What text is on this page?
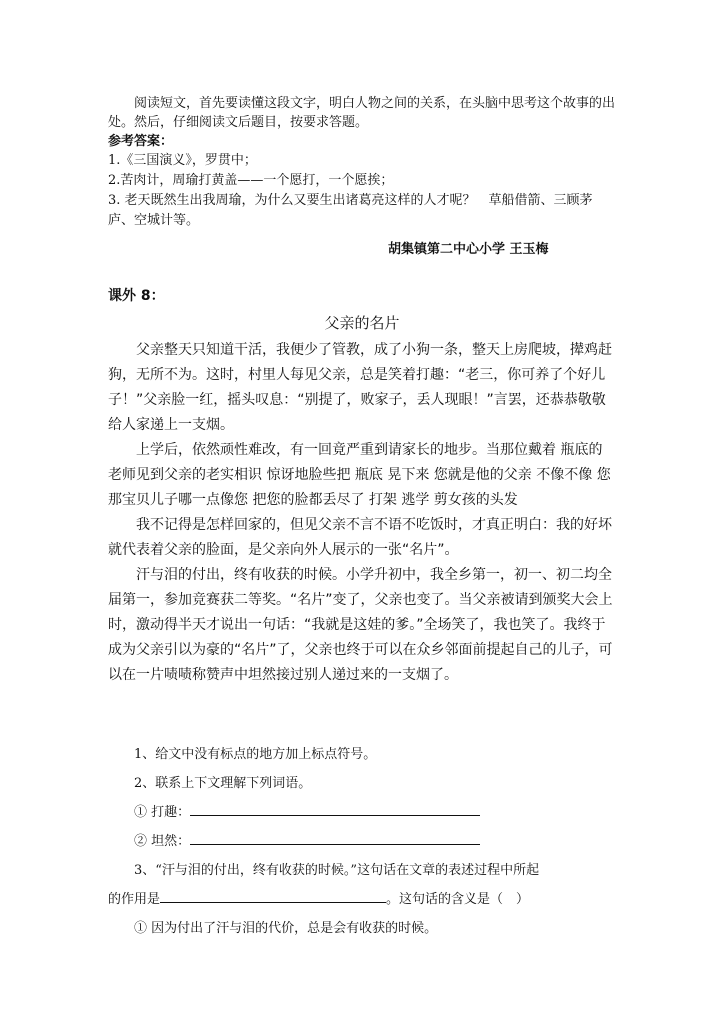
阅读短文，首先要读懂这段文字，明白人物之间的关系，在头脑中思考这个故事的出处。然后，仔细阅读文后题目，按要求答题。
参考答案：
1.《三国演义》，罗贯中；
2.苦肉计，周瑜打黄盖——一个愿打，一个愿挨；
3. 老天既然生出我周瑜，为什么又要生出诸葛亮这样的人才呢？　草船借箭、三顾茅庐、空城计等。
胡集镇第二中心小学 王玉梅
课外 8：
父亲的名片

父亲整天只知道干活，我便少了管教，成了小狗一条，整天上房爬坡，撵鸡赶狗，无所不为。这时，村里人每见父亲，总是笑着打趣：“老三，你可养了个好儿子！”父亲脸一红，摇头叹息：“别提了，败家子，丢人现眼！”言罢，还恭恭敬敬给人家递上一支烟。

上学后，依然顽性难改，有一回竟严重到请家长的地步。当那位戴着 瓶底的老师见到父亲的老实相识 惊讶地脸些把 瓶底 晃下来 您就是他的父亲 不像不像 您那宝贝儿子哪一点像您 把您的脸都丢尽了 打架 逃学 剪女孩的头发

我不记得是怎样回家的，但见父亲不言不语不吃饭时，才真正明白：我的好坏就代表着父亲的脸面，是父亲向外人展示的一张“名片”。

汗与泪的付出，终有收获的时候。小学升初中，我全乡第一，初一、初二均全届第一，参加竞赛获二等奖。“名片”变了，父亲也变了。当父亲被请到颁奖大会上时，激动得半天才说出一句话：“我就是这娃的爹。”全场笑了，我也笑了。我终于成为父亲引以为豪的“名片”了，父亲也终于可以在众乡邻面前提起自己的儿子，可以在一片啧啧称赞声中坦然接过别人递过来的一支烟了。

1、给文中没有标点的地方加上标点符号。
2、联系上下文理解下列词语。
① 打趣：
② 坦然：
3、“汗与泪的付出，终有收获的时候。”这句话在文章的表述过程中所起
的作用是	。这句话的含义是（　）
① 因为付出了汗与泪的代价，总是会有收获的时候。
